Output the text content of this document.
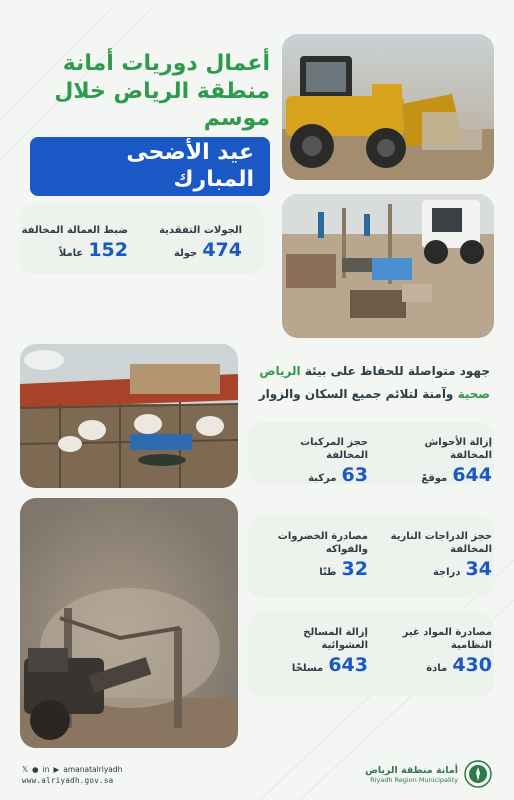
أعمال دوريات أمانة
منطقة الرياض خلال موسم
عيد الأضحى المبارك
الجولات التفقدية
474 جولة
ضبط العمالة المخالفة
152 عاملاً
جهود متواصلة للحفاظ على بيئة الرياض
صحية وآمنة لتلائم جميع السكان والزوار
إزالة الأحواش المخالفة
644 موقعً
حجز المركبات المخالفة
63 مركبة
حجز الدراجات النارية المخالفة
34 دراجة
مصادرة الخضروات والفواكه
32 طنًا
مصادرة المواد غير النظامية
430 مادة
إزالة المسالخ العشوائية
643 مسلخًا
𝕏 ● in ▶ amanatalriyadh
www.alriyadh.gov.sa
أمانة منطقة الرياض
Riyadh Region Municipality
